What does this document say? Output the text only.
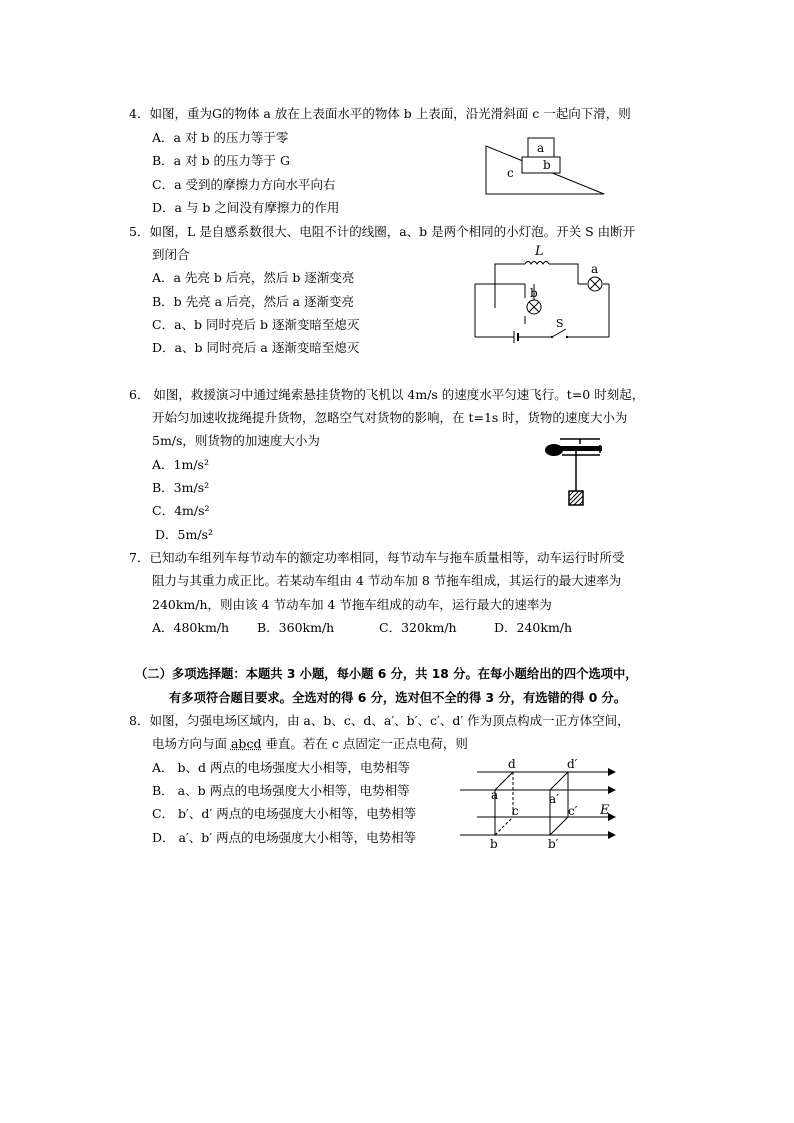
4．如图，重为G的物体 a 放在上表面水平的物体 b 上表面，沿光滑斜面 c 一起向下滑，则
A．a 对 b 的压力等于零
B．a 对 b 的压力等于 G
C．a 受到的摩擦力方向水平向右
D．a 与 b 之间没有摩擦力的作用
a
b
c
5．如图，L 是自感系数很大、电阻不计的线圈，a、b 是两个相同的小灯泡。开关 S 由断开
到闭合
A．a 先亮 b 后亮，然后 b 逐渐变亮
B．b 先亮 a 后亮，然后 a 逐渐变亮
C．a、b 同时亮后 b 逐渐变暗至熄灭
D．a、b 同时亮后 a 逐渐变暗至熄灭
L
a
b
S
6． 如图，救援演习中通过绳索悬挂货物的飞机以 4m/s 的速度水平匀速飞行。t=0 时刻起，
开始匀加速收拢绳提升货物，忽略空气对货物的影响，在 t=1s 时，货物的速度大小为
5m/s，则货物的加速度大小为
A．1m/s²
B．3m/s²
C．4m/s²
D．5m/s²
7．已知动车组列车每节动车的额定功率相同，每节动车与拖车质量相等，动车运行时所受
阻力与其重力成正比。若某动车组由 4 节动车加 8 节拖车组成，其运行的最大速率为
240km/h，则由该 4 节动车加 4 节拖车组成的动车，运行最大的速率为
A．480km/h B．360km/h	C．320km/h	D．240km/h
（二）多项选择题：本题共 3 小题，每小题 6 分，共 18 分。在每小题给出的四个选项中，
有多项符合题目要求。全选对的得 6 分，选对但不全的得 3 分，有选错的得 0 分。
8．如图，匀强电场区域内，由 a、b、c、d、a′、b′、c′、d′ 作为顶点构成一正方体空间，
电场方向与面 abcd 垂直。若在 c 点固定一正点电荷，则
A． b、d 两点的电场强度大小相等，电势相等
B． a、b 两点的电场强度大小相等，电势相等
C． b′、d′ 两点的电场强度大小相等，电势相等
D． a′、b′ 两点的电场强度大小相等，电势相等
d	d′
a	a′
c	c′ E
b	b′
